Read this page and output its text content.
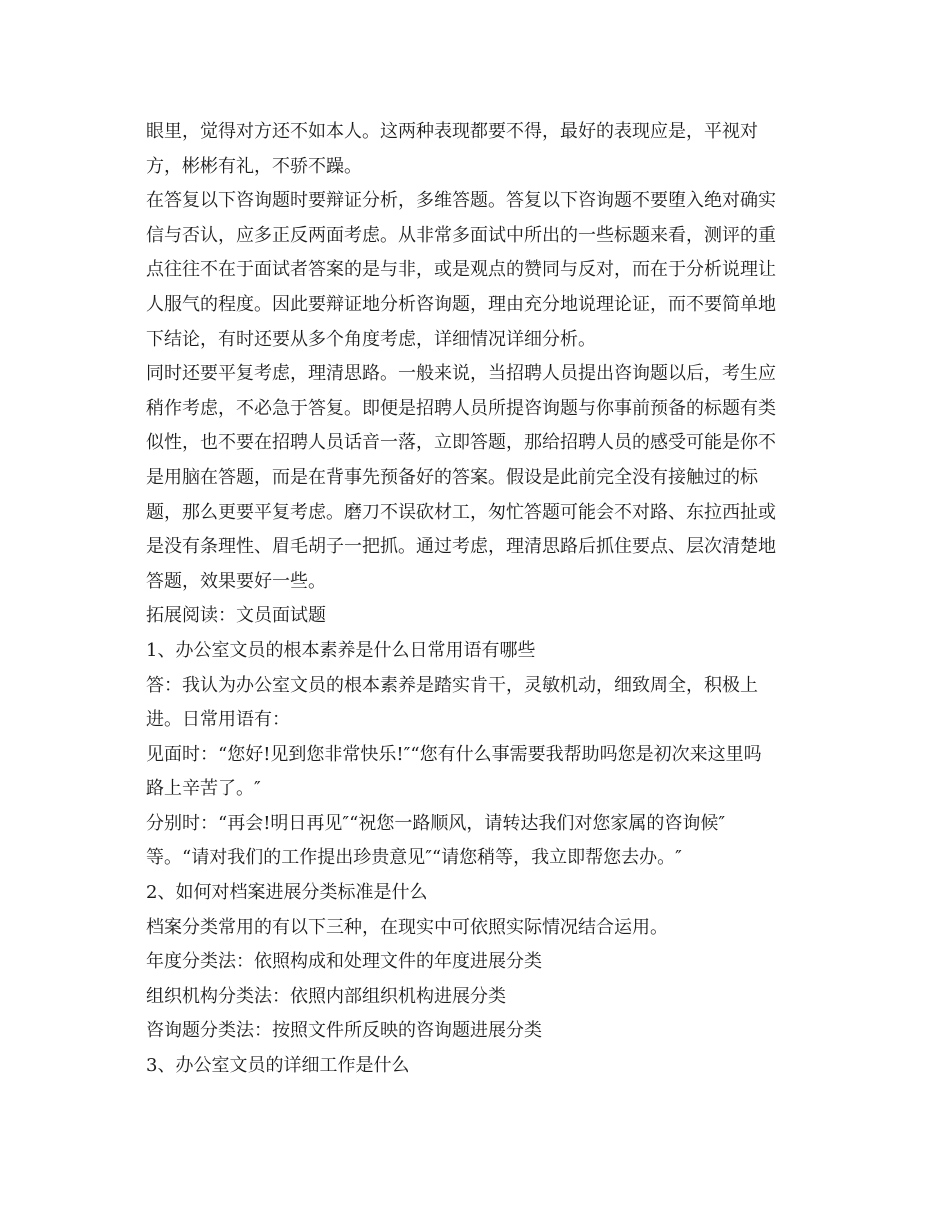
眼里，觉得对方还不如本人。这两种表现都要不得，最好的表现应是，平视对

方，彬彬有礼，不骄不躁。

在答复以下咨询题时要辩证分析，多维答题。答复以下咨询题不要堕入绝对确实

信与否认，应多正反两面考虑。从非常多面试中所出的一些标题来看，测评的重

点往往不在于面试者答案的是与非，或是观点的赞同与反对，而在于分析说理让

人服气的程度。因此要辩证地分析咨询题，理由充分地说理论证，而不要简单地

下结论，有时还要从多个角度考虑，详细情况详细分析。

同时还要平复考虑，理清思路。一般来说，当招聘人员提出咨询题以后，考生应

稍作考虑，不必急于答复。即便是招聘人员所提咨询题与你事前预备的标题有类

似性，也不要在招聘人员话音一落，立即答题，那给招聘人员的感受可能是你不

是用脑在答题，而是在背事先预备好的答案。假设是此前完全没有接触过的标

题，那么更要平复考虑。磨刀不误砍材工，匆忙答题可能会不对路、东拉西扯或

是没有条理性、眉毛胡子一把抓。通过考虑，理清思路后抓住要点、层次清楚地

答题，效果要好一些。

拓展阅读：文员面试题

1、办公室文员的根本素养是什么日常用语有哪些

答：我认为办公室文员的根本素养是踏实肯干，灵敏机动，细致周全，积极上

进。日常用语有：

见面时：“您好!见到您非常快乐!″“您有什么事需要我帮助吗您是初次来这里吗

路上辛苦了。″

分别时：“再会!明日再见″“祝您一路顺风，请转达我们对您家属的咨询候″

等。“请对我们的工作提出珍贵意见″“请您稍等，我立即帮您去办。″

2、如何对档案进展分类标准是什么

档案分类常用的有以下三种，在现实中可依照实际情况结合运用。

年度分类法：依照构成和处理文件的年度进展分类

组织机构分类法：依照内部组织机构进展分类

咨询题分类法：按照文件所反映的咨询题进展分类

3、办公室文员的详细工作是什么
